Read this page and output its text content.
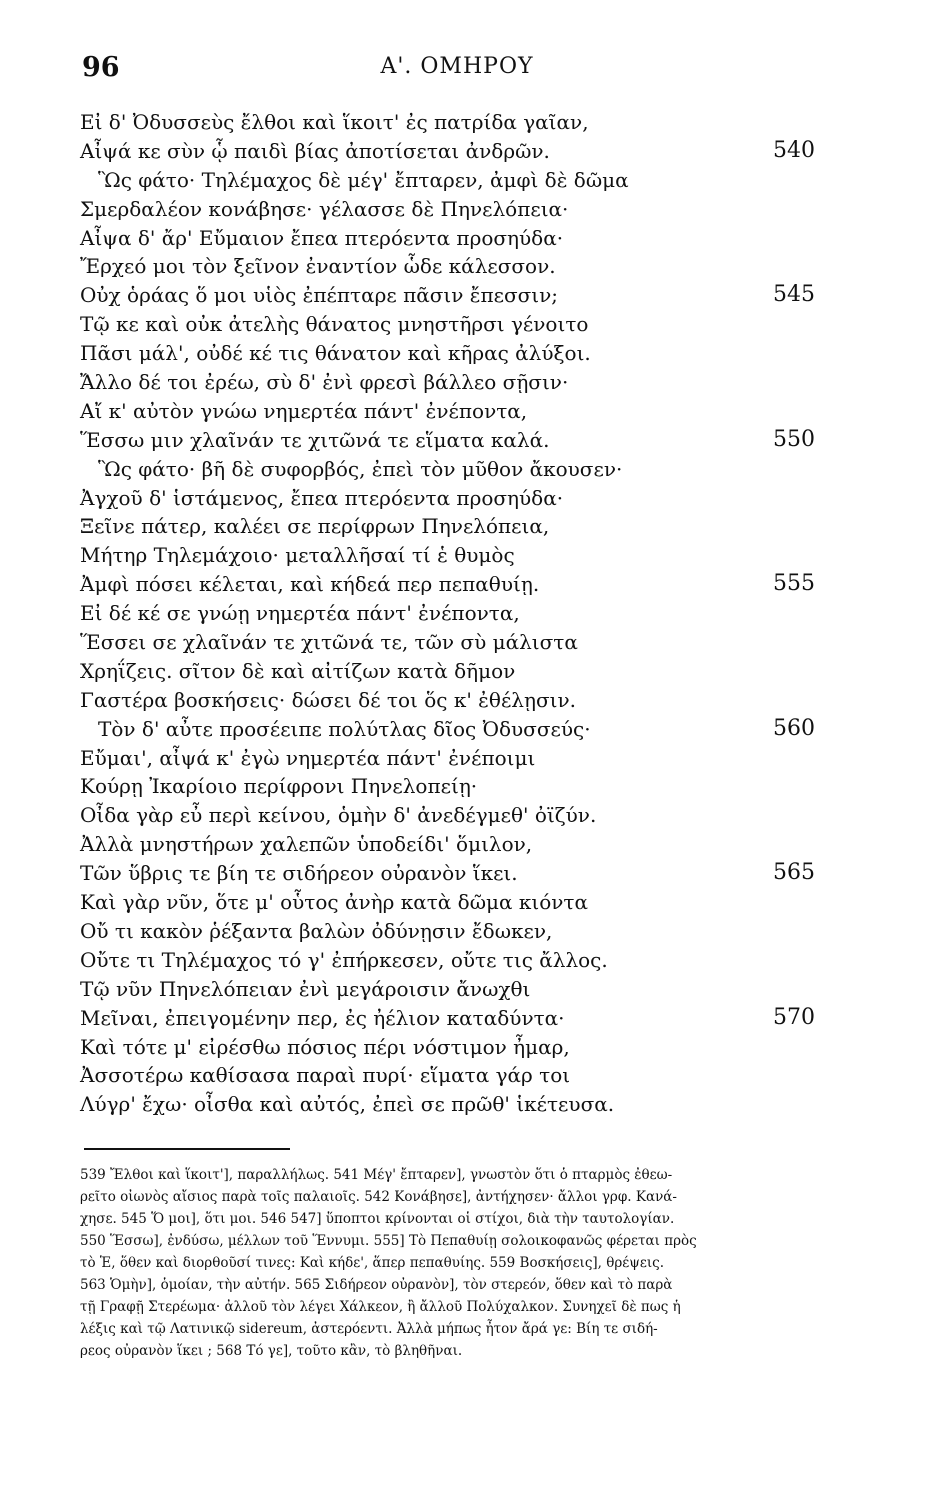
96	Α'. ΟΜΗΡΟΥ
Εἰ δ' Ὀδυσσεὺς ἔλθοι καὶ ἵκοιτ' ἐς πατρίδα γαῖαν,
Αἶψά κε σὺν ᾧ παιδὶ βίας ἀποτίσεται ἀνδρῶν.	540
Ὣς φάτο· Τηλέμαχος δὲ μέγ' ἔπταρεν, ἀμφὶ δὲ δῶμα
Σμερδαλέον κονάβησε· γέλασσε δὲ Πηνελόπεια·
Αἶψα δ' ἄρ' Εὔμαιον ἔπεα πτερόεντα προσηύδα·
Ἔρχεό μοι τὸν ξεῖνον ἐναντίον ὧδε κάλεσσον.
Οὐχ ὁράας ὅ μοι υἱὸς ἐπέπταρε πᾶσιν ἔπεσσιν;	545
Τῷ κε καὶ οὐκ ἀτελὴς θάνατος μνηστῆρσι γένοιτο
Πᾶσι μάλ', οὐδέ κέ τις θάνατον καὶ κῆρας ἀλύξοι.
Ἄλλο δέ τοι ἐρέω, σὺ δ' ἐνὶ φρεσὶ βάλλεο σῇσιν·
Αἴ κ' αὐτὸν γνώω νημερτέα πάντ' ἐνέποντα,
Ἕσσω μιν χλαῖνάν τε χιτῶνά τε εἵματα καλά.	550
Ὣς φάτο· βῆ δὲ συφορβός, ἐπεὶ τὸν μῦθον ἄκουσεν·
Ἀγχοῦ δ' ἱστάμενος, ἔπεα πτερόεντα προσηύδα·
Ξεῖνε πάτερ, καλέει σε περίφρων Πηνελόπεια,
Μήτηρ Τηλεμάχοιο· μεταλλῆσαί τί ἑ θυμὸς
Ἀμφὶ πόσει κέλεται, καὶ κήδεά περ πεπαθυίῃ.	555
Εἰ δέ κέ σε γνώῃ νημερτέα πάντ' ἐνέποντα,
Ἕσσει σε χλαῖνάν τε χιτῶνά τε, τῶν σὺ μάλιστα
Χρηΐζεις. σῖτον δὲ καὶ αἰτίζων κατὰ δῆμον
Γαστέρα βοσκήσεις· δώσει δέ τοι ὅς κ' ἐθέλῃσιν.
Τὸν δ' αὖτε προσέειπε πολύτλας δῖος Ὀδυσσεύς·	560
Εὔμαι', αἶψά κ' ἐγὼ νημερτέα πάντ' ἐνέποιμι
Κούρῃ Ἰκαρίοιο περίφρονι Πηνελοπείῃ·
Οἶδα γὰρ εὖ περὶ κείνου, ὁμὴν δ' ἀνεδέγμεθ' ὀϊζύν.
Ἀλλὰ μνηστήρων χαλεπῶν ὑποδείδι' ὅμιλον,
Τῶν ὕβρις τε βίη τε σιδήρεον οὐρανὸν ἵκει.	565
Καὶ γὰρ νῦν, ὅτε μ' οὗτος ἀνὴρ κατὰ δῶμα κιόντα
Οὔ τι κακὸν ῥέξαντα βαλὼν ὀδύνῃσιν ἔδωκεν,
Οὔτε τι Τηλέμαχος τό γ' ἐπήρκεσεν, οὔτε τις ἄλλος.
Τῷ νῦν Πηνελόπειαν ἐνὶ μεγάροισιν ἄνωχθι
Μεῖναι, ἐπειγομένην περ, ἐς ἠέλιον καταδύντα·	570
Καὶ τότε μ' εἰρέσθω πόσιος πέρι νόστιμον ἦμαρ,
Ἀσσοτέρω καθίσασα παραὶ πυρί· εἵματα γάρ τοι
Λύγρ' ἔχω· οἶσθα καὶ αὐτός, ἐπεὶ σε πρῶθ' ἱκέτευσα.
539 Ἔλθοι καὶ ἵκοιτ'], παραλλήλως. 541 Μέγ' ἔπταρεν], γνωστὸν ὅτι ὁ πταρμὸς ἐθεω-
ρεῖτο οἰωνὸς αἴσιος παρὰ τοῖς παλαιοῖς. 542 Κονάβησε], ἀντήχησεν· ἄλλοι γρφ. Κανά-
χησε. 545 Ὅ μοι], ὅτι μοι. 546 547] ὕποπτοι κρίνονται οἱ στίχοι, διὰ τὴν ταυτολογίαν.
550 Ἕσσω], ἐνδύσω, μέλλων τοῦ Ἕννυμι. 555] Τὸ Πεπαθυίῃ σολοικοφανῶς φέρεται πρὸς
τὸ Ἑ, ὅθεν καὶ διορθοῦσί τινες: Καὶ κήδε', ἅπερ πεπαθυίης. 559 Βοσκήσεις], θρέψεις.
563 Ὁμὴν], ὁμοίαν, τὴν αὐτήν. 565 Σιδήρεον οὐρανὸν], τὸν στερεόν, ὅθεν καὶ τὸ παρὰ
τῇ Γραφῇ Στερέωμα· ἀλλοῦ τὸν λέγει Χάλκεον, ἢ ἄλλοῦ Πολύχαλκον. Συνηχεῖ δὲ πως ἡ
λέξις καὶ τῷ Λατινικῷ sidereum, ἀστερόεντι. Ἀλλὰ μήπως ἦτον ἄρά γε: Βίη τε σιδή-
ρεος οὐρανὸν ἵκει ; 568 Τό γε], τοῦτο κἂν, τὸ βληθῆναι.
